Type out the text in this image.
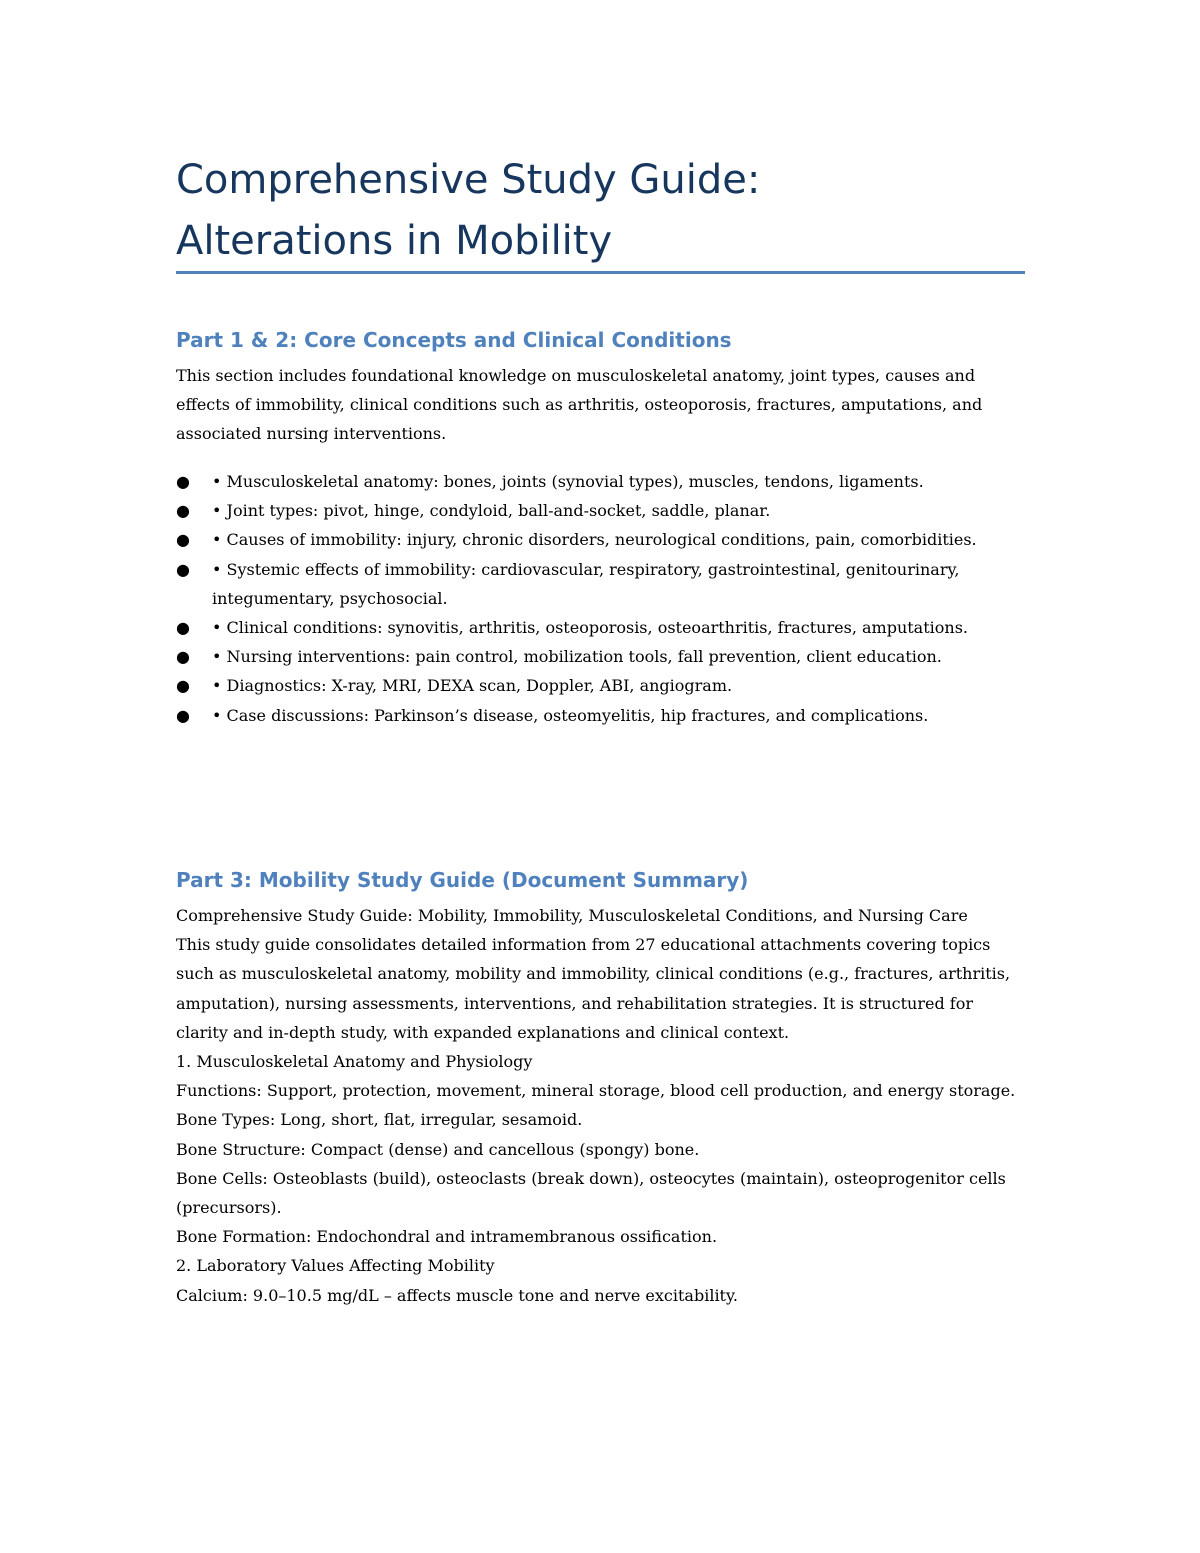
Comprehensive Study Guide:
Alterations in Mobility
Part 1 & 2: Core Concepts and Clinical Conditions

This section includes foundational knowledge on musculoskeletal anatomy, joint types, causes and effects of immobility, clinical conditions such as arthritis, osteoporosis, fractures, amputations, and associated nursing interventions.

● • Musculoskeletal anatomy: bones, joints (synovial types), muscles, tendons, ligaments.
● • Joint types: pivot, hinge, condyloid, ball-and-socket, saddle, planar.
● • Causes of immobility: injury, chronic disorders, neurological conditions, pain, comorbidities.
● • Systemic effects of immobility: cardiovascular, respiratory, gastrointestinal, genitourinary, integumentary, psychosocial.
● • Clinical conditions: synovitis, arthritis, osteoporosis, osteoarthritis, fractures, amputations.
● • Nursing interventions: pain control, mobilization tools, fall prevention, client education.
● • Diagnostics: X-ray, MRI, DEXA scan, Doppler, ABI, angiogram.
● • Case discussions: Parkinson’s disease, osteomyelitis, hip fractures, and complications.
Part 3: Mobility Study Guide (Document Summary)

Comprehensive Study Guide: Mobility, Immobility, Musculoskeletal Conditions, and Nursing Care

This study guide consolidates detailed information from 27 educational attachments covering topics such as musculoskeletal anatomy, mobility and immobility, clinical conditions (e.g., fractures, arthritis, amputation), nursing assessments, interventions, and rehabilitation strategies. It is structured for clarity and in-depth study, with expanded explanations and clinical context.

1. Musculoskeletal Anatomy and Physiology

Functions: Support, protection, movement, mineral storage, blood cell production, and energy storage.

Bone Types: Long, short, flat, irregular, sesamoid.

Bone Structure: Compact (dense) and cancellous (spongy) bone.

Bone Cells: Osteoblasts (build), osteoclasts (break down), osteocytes (maintain), osteoprogenitor cells (precursors).

Bone Formation: Endochondral and intramembranous ossification.

2. Laboratory Values Affecting Mobility

Calcium: 9.0–10.5 mg/dL – affects muscle tone and nerve excitability.
